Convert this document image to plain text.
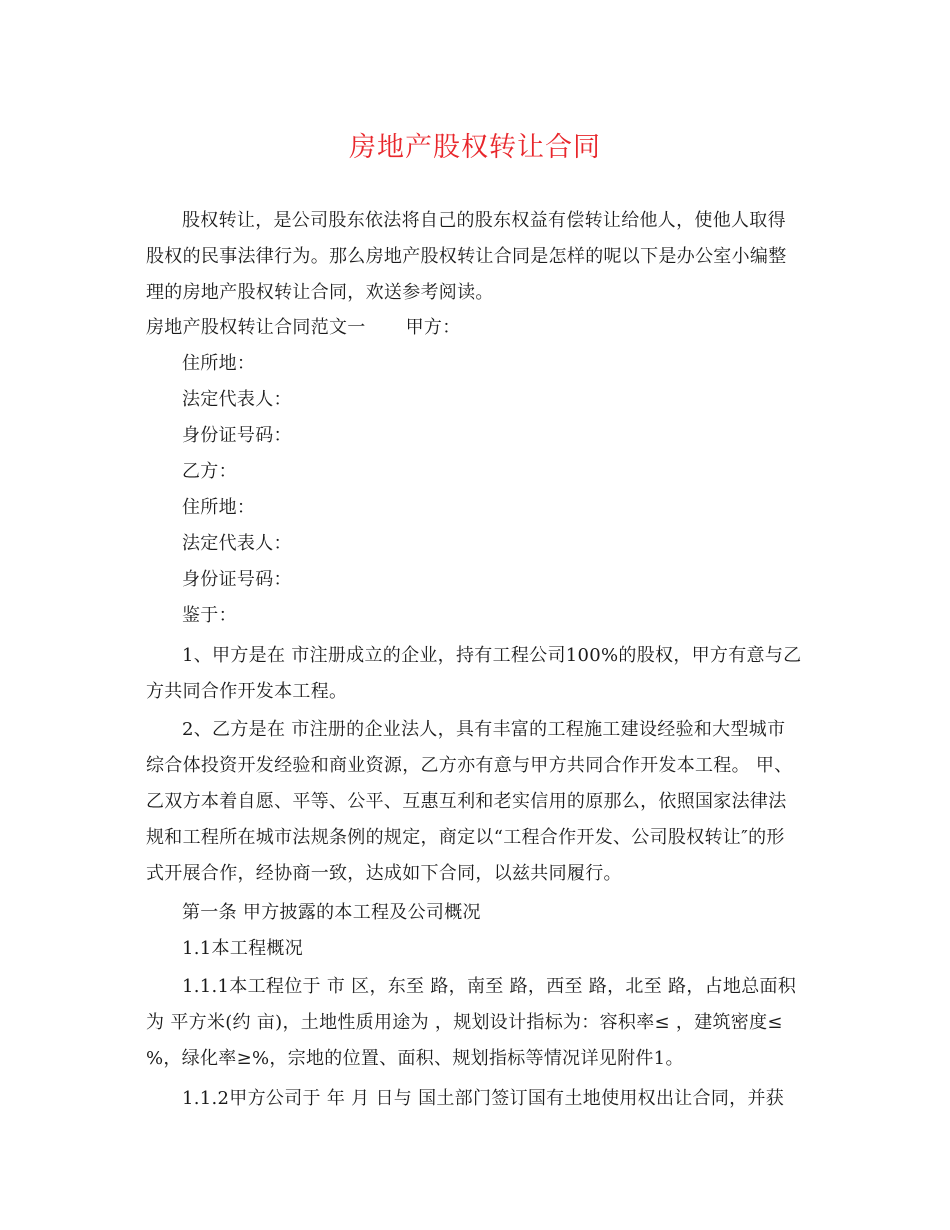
房地产股权转让合同
股权转让，是公司股东依法将自己的股东权益有偿转让给他人，使他人取得
股权的民事法律行为。那么房地产股权转让合同是怎样的呢以下是办公室小编整
理的房地产股权转让合同，欢送参考阅读。
房地产股权转让合同范文一 甲方：
住所地：
法定代表人：
身份证号码：
乙方：
住所地：
法定代表人：
身份证号码：
鉴于：
1、甲方是在 市注册成立的企业，持有工程公司100%的股权，甲方有意与乙
方共同合作开发本工程。
2、乙方是在 市注册的企业法人，具有丰富的工程施工建设经验和大型城市
综合体投资开发经验和商业资源，乙方亦有意与甲方共同合作开发本工程。 甲、
乙双方本着自愿、平等、公平、互惠互利和老实信用的原那么，依照国家法律法
规和工程所在城市法规条例的规定，商定以“工程合作开发、公司股权转让″的形
式开展合作，经协商一致，达成如下合同，以兹共同履行。
第一条 甲方披露的本工程及公司概况
1.1本工程概况
1.1.1本工程位于 市 区，东至 路，南至 路，西至 路，北至 路，占地总面积
为 平方米(约 亩)，土地性质用途为 ，规划设计指标为：容积率≤ ，建筑密度≤
%，绿化率≥%，宗地的位置、面积、规划指标等情况详见附件1。
1.1.2甲方公司于 年 月 日与 国土部门签订国有土地使用权出让合同，并获
